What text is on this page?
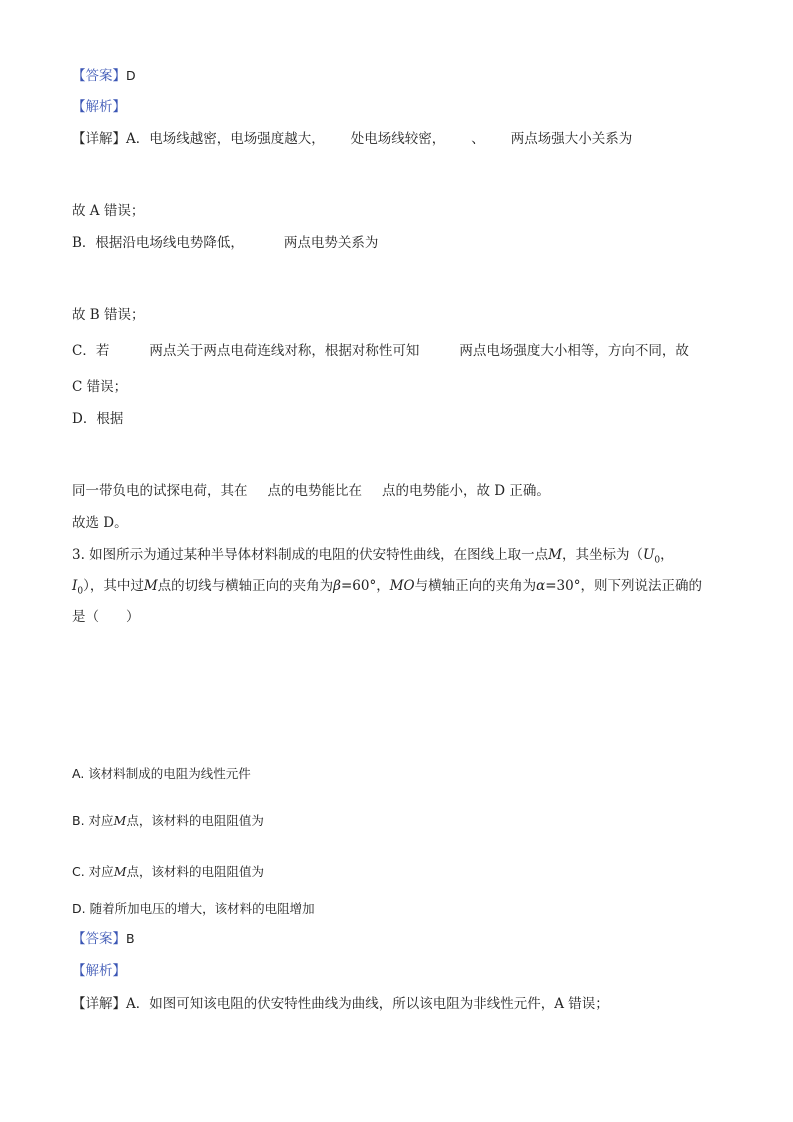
【答案】D
【解析】
【详解】A．电场线越密，电场强度越大， 处电场线较密， 、 两点场强大小关系为
故 A 错误；
B．根据沿电场线电势降低，	两点电势关系为
故 B 错误；
C．若	两点关于两点电荷连线对称，根据对称性可知	两点电场强度大小相等，方向不同，故
C 错误；
D．根据
同一带负电的试探电荷，其在 点的电势能比在 点的电势能小，故 D 正确。
故选 D。
3. 如图所示为通过某种半导体材料制成的电阻的伏安特性曲线，在图线上取一点M，其坐标为（$U_0$，
$I_0$），其中过M点的切线与横轴正向的夹角为β=60°，MO与横轴正向的夹角为α=30°，则下列说法正确的
是（　　）
A. 该材料制成的电阻为线性元件
B. 对应M点，该材料的电阻阻值为
C. 对应M点，该材料的电阻阻值为
D. 随着所加电压的增大，该材料的电阻增加
【答案】B
【解析】
【详解】A．如图可知该电阻的伏安特性曲线为曲线，所以该电阻为非线性元件，A 错误；
